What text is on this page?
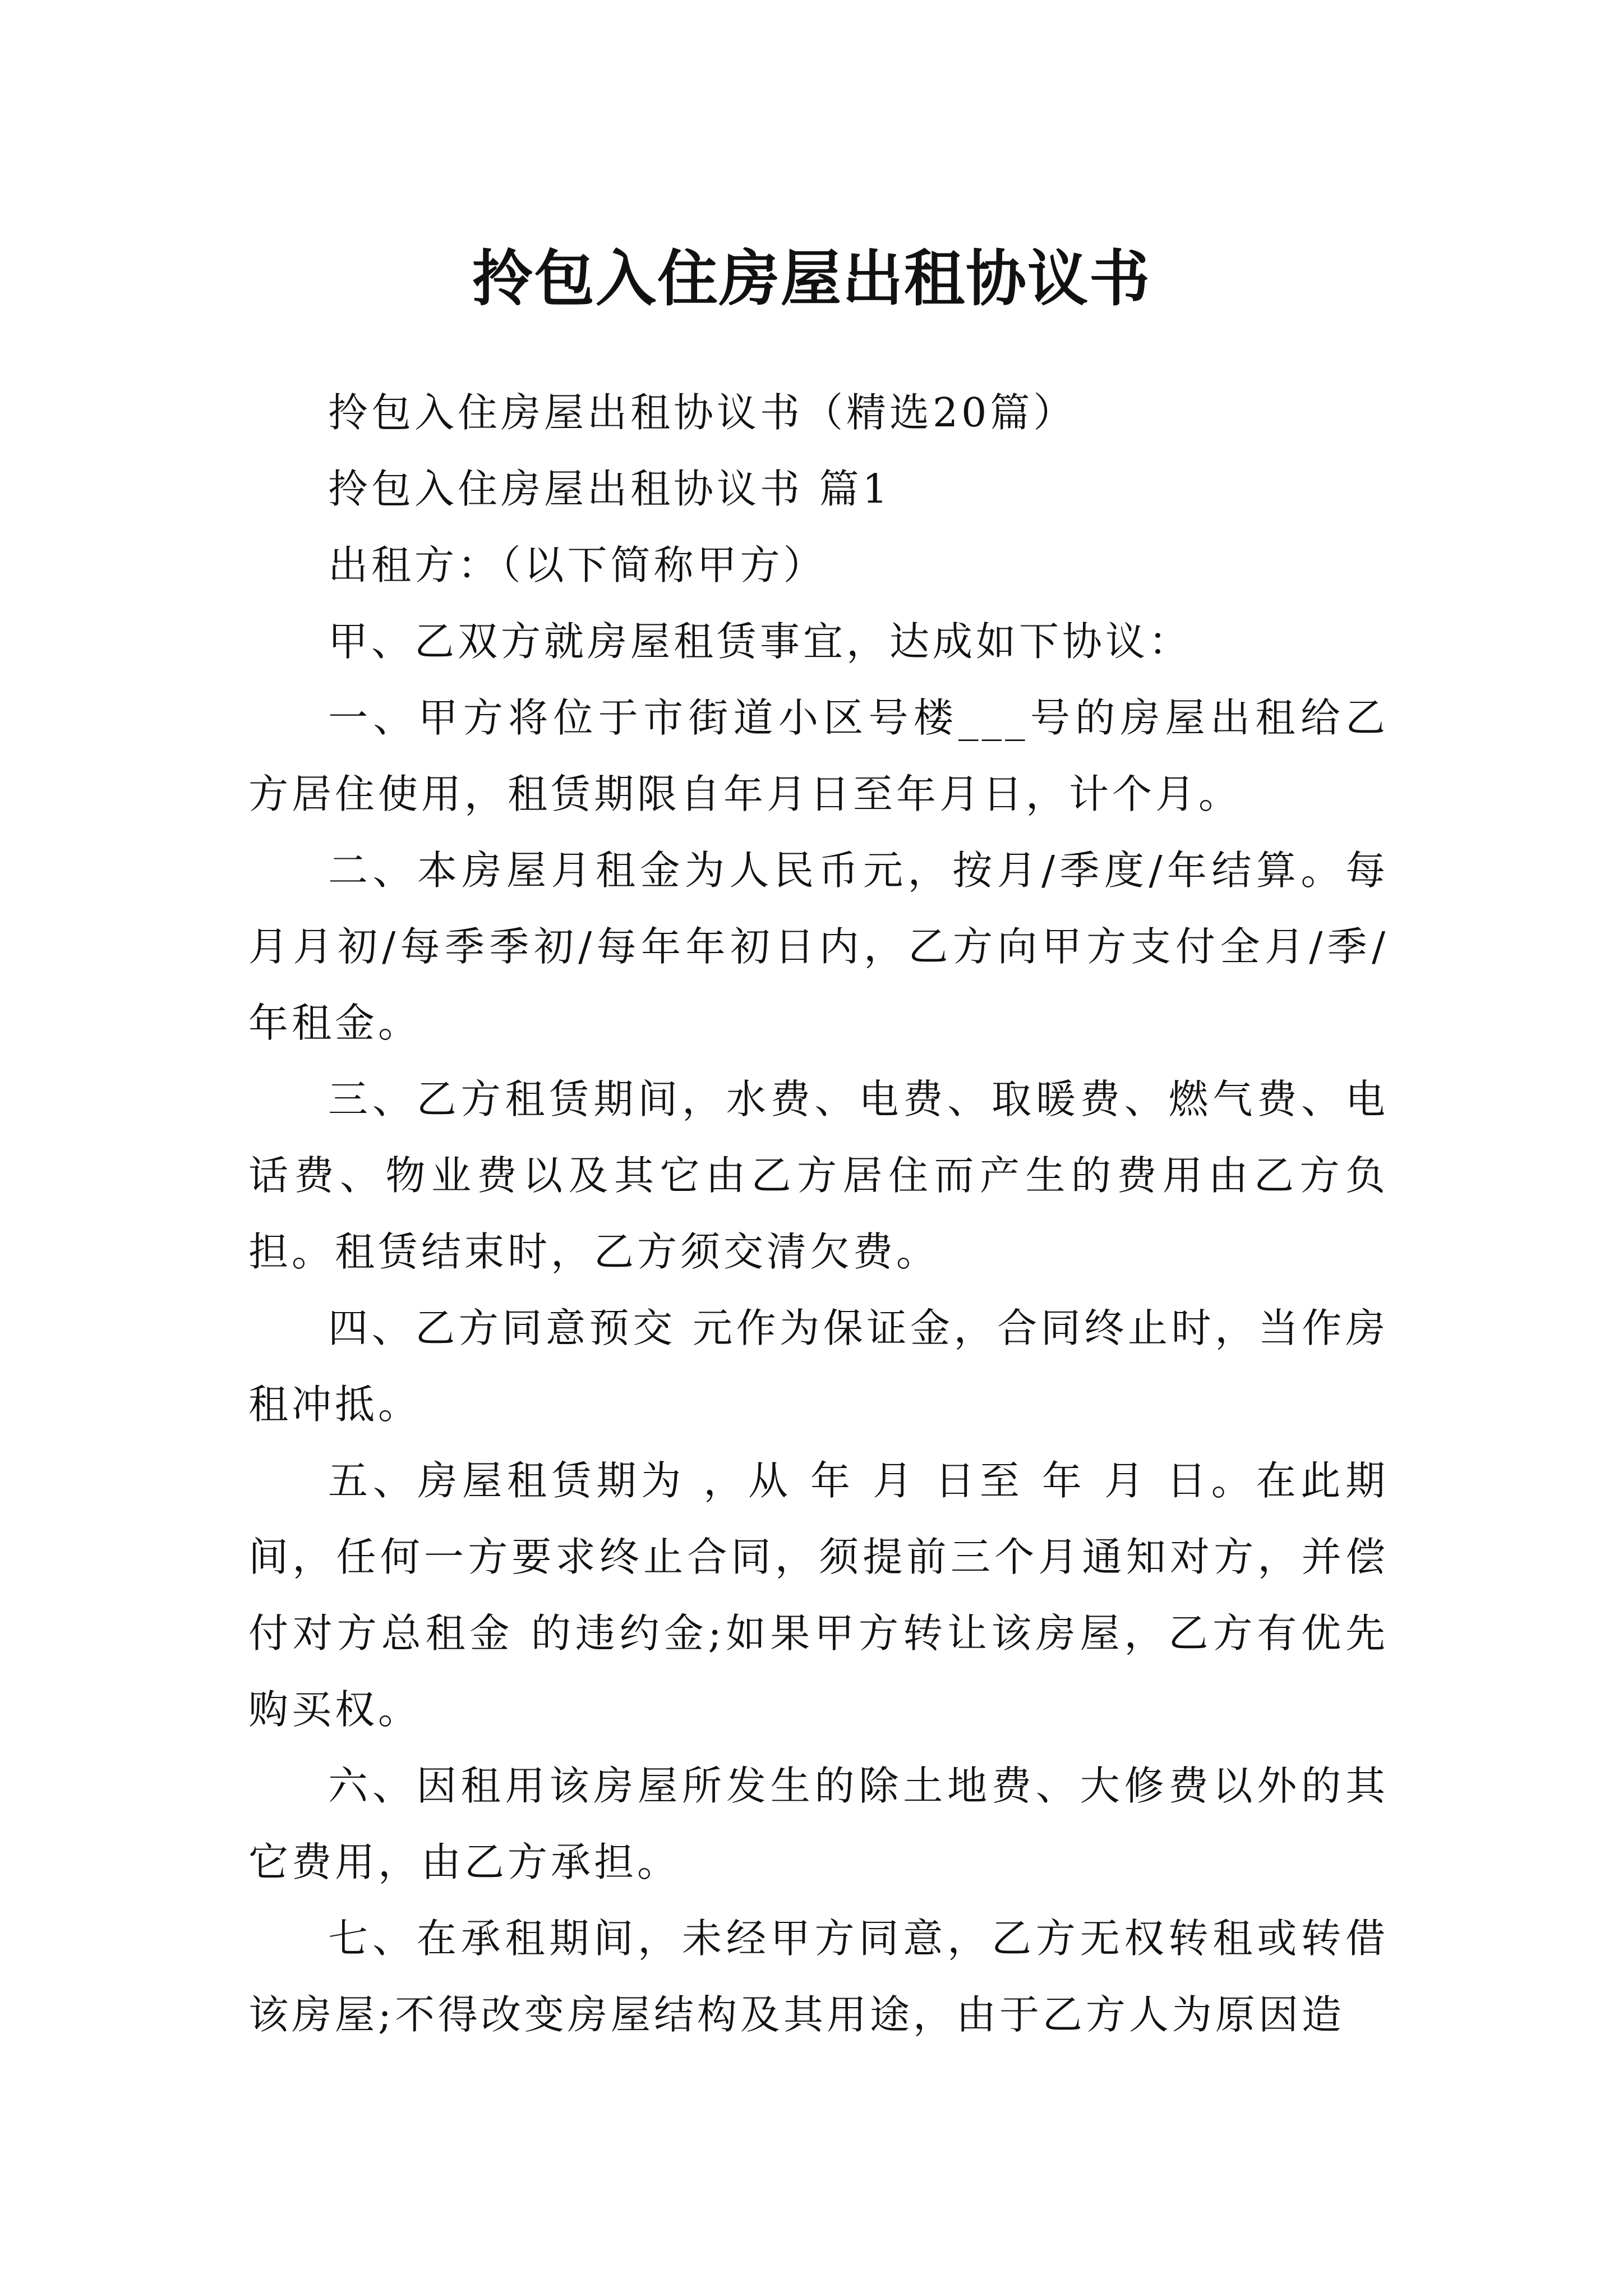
拎包入住房屋出租协议书

拎包入住房屋出租协议书（精选20篇）

拎包入住房屋出租协议书 篇1

出租方：（以下简称甲方）

甲、乙双方就房屋租赁事宜，达成如下协议：

一、甲方将位于市街道小区号楼___号的房屋出租给乙方居住使用，租赁期限自年月日至年月日，计个月。

二、本房屋月租金为人民币元，按月/季度/年结算。每月月初/每季季初/每年年初日内，乙方向甲方支付全月/季/年租金。

三、乙方租赁期间，水费、电费、取暖费、燃气费、电话费、物业费以及其它由乙方居住而产生的费用由乙方负担。租赁结束时，乙方须交清欠费。

四、乙方同意预交 元作为保证金，合同终止时，当作房租冲抵。

五、房屋租赁期为 ，从 年 月 日至 年 月 日。在此期间，任何一方要求终止合同，须提前三个月通知对方，并偿付对方总租金 的违约金;如果甲方转让该房屋，乙方有优先购买权。

六、因租用该房屋所发生的除土地费、大修费以外的其它费用，由乙方承担。

七、在承租期间，未经甲方同意，乙方无权转租或转借该房屋;不得改变房屋结构及其用途，由于乙方人为原因造
